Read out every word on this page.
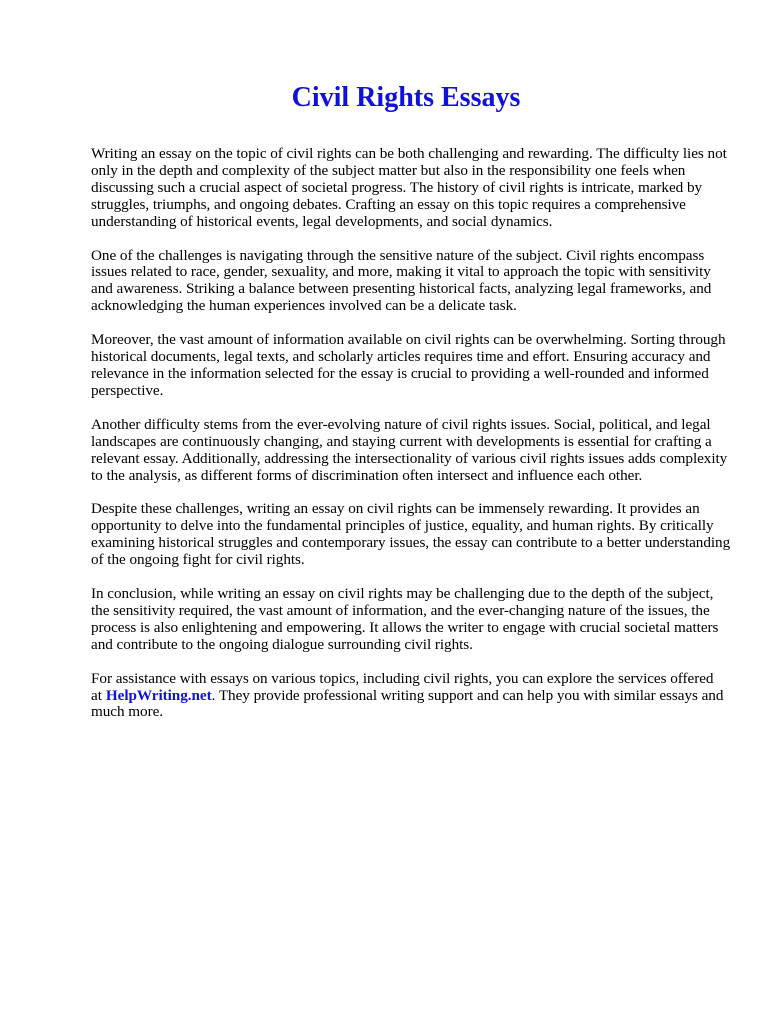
Civil Rights Essays

Writing an essay on the topic of civil rights can be both challenging and rewarding. The difficulty lies not only in the depth and complexity of the subject matter but also in the responsibility one feels when discussing such a crucial aspect of societal progress. The history of civil rights is intricate, marked by struggles, triumphs, and ongoing debates. Crafting an essay on this topic requires a comprehensive understanding of historical events, legal developments, and social dynamics.

One of the challenges is navigating through the sensitive nature of the subject. Civil rights encompass issues related to race, gender, sexuality, and more, making it vital to approach the topic with sensitivity and awareness. Striking a balance between presenting historical facts, analyzing legal frameworks, and acknowledging the human experiences involved can be a delicate task.

Moreover, the vast amount of information available on civil rights can be overwhelming. Sorting through historical documents, legal texts, and scholarly articles requires time and effort. Ensuring accuracy and relevance in the information selected for the essay is crucial to providing a well-rounded and informed perspective.

Another difficulty stems from the ever-evolving nature of civil rights issues. Social, political, and legal landscapes are continuously changing, and staying current with developments is essential for crafting a relevant essay. Additionally, addressing the intersectionality of various civil rights issues adds complexity to the analysis, as different forms of discrimination often intersect and influence each other.

Despite these challenges, writing an essay on civil rights can be immensely rewarding. It provides an opportunity to delve into the fundamental principles of justice, equality, and human rights. By critically examining historical struggles and contemporary issues, the essay can contribute to a better understanding of the ongoing fight for civil rights.

In conclusion, while writing an essay on civil rights may be challenging due to the depth of the subject, the sensitivity required, the vast amount of information, and the ever-changing nature of the issues, the process is also enlightening and empowering. It allows the writer to engage with crucial societal matters and contribute to the ongoing dialogue surrounding civil rights.

For assistance with essays on various topics, including civil rights, you can explore the services offered at HelpWriting.net. They provide professional writing support and can help you with similar essays and much more.
